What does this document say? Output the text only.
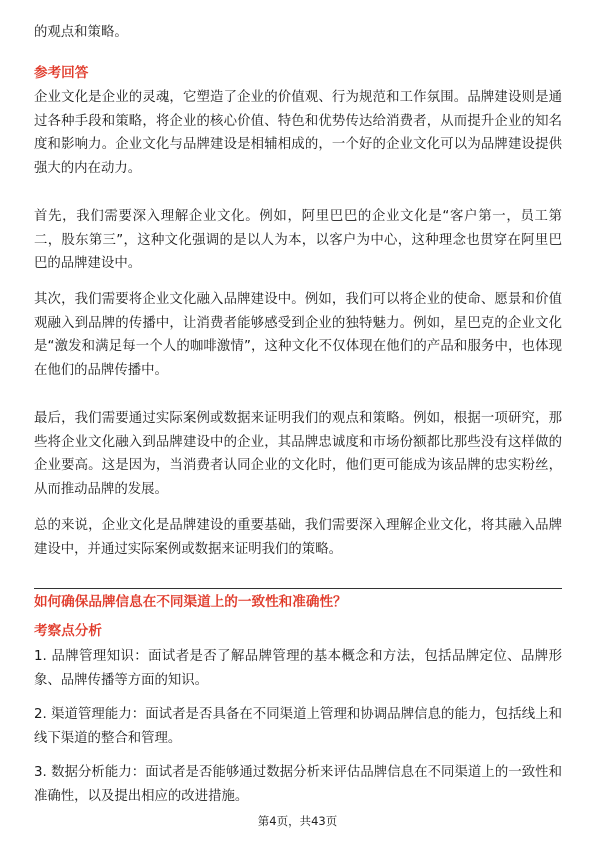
的观点和策略。

参考回答

企业文化是企业的灵魂，它塑造了企业的价值观、行为规范和工作氛围。品牌建设则是通过各种手段和策略，将企业的核心价值、特色和优势传达给消费者，从而提升企业的知名度和影响力。企业文化与品牌建设是相辅相成的，一个好的企业文化可以为品牌建设提供强大的内在动力。

首先，我们需要深入理解企业文化。例如，阿里巴巴的企业文化是“客户第一，员工第二，股东第三”，这种文化强调的是以人为本，以客户为中心，这种理念也贯穿在阿里巴巴的品牌建设中。

其次，我们需要将企业文化融入品牌建设中。例如，我们可以将企业的使命、愿景和价值观融入到品牌的传播中，让消费者能够感受到企业的独特魅力。例如，星巴克的企业文化是“激发和满足每一个人的咖啡激情”，这种文化不仅体现在他们的产品和服务中，也体现在他们的品牌传播中。

最后，我们需要通过实际案例或数据来证明我们的观点和策略。例如，根据一项研究，那些将企业文化融入到品牌建设中的企业，其品牌忠诚度和市场份额都比那些没有这样做的企业要高。这是因为，当消费者认同企业的文化时，他们更可能成为该品牌的忠实粉丝，从而推动品牌的发展。

总的来说，企业文化是品牌建设的重要基础，我们需要深入理解企业文化，将其融入品牌建设中，并通过实际案例或数据来证明我们的策略。

如何确保品牌信息在不同渠道上的一致性和准确性？

考察点分析

1. 品牌管理知识：面试者是否了解品牌管理的基本概念和方法，包括品牌定位、品牌形象、品牌传播等方面的知识。

2. 渠道管理能力：面试者是否具备在不同渠道上管理和协调品牌信息的能力，包括线上和线下渠道的整合和管理。

3. 数据分析能力：面试者是否能够通过数据分析来评估品牌信息在不同渠道上的一致性和准确性，以及提出相应的改进措施。

第4页，共43页
